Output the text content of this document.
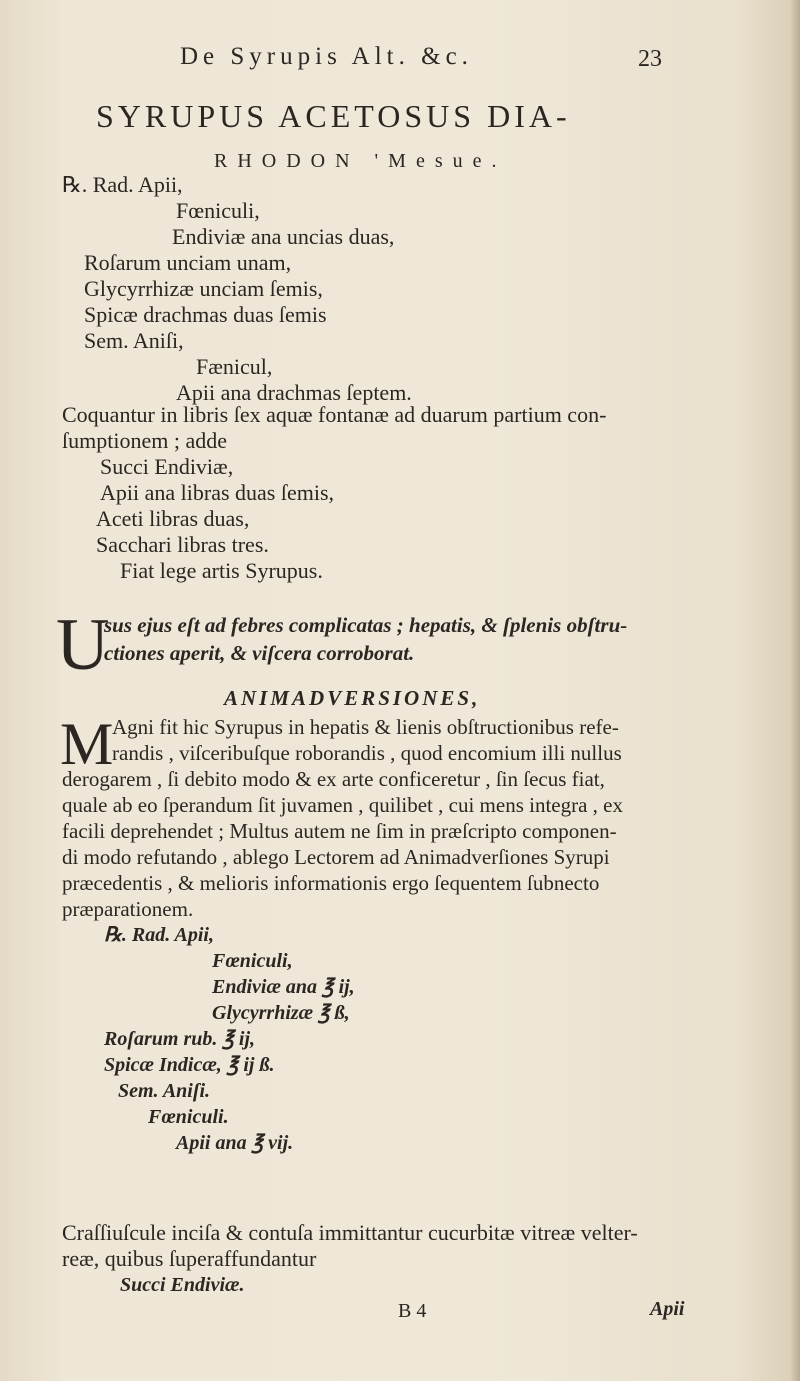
De Syrupis Alt. &c.	23
SYRUPUS ACETOSUS DIA-
RHODON 'Mesue.
℞. Rad. Apii,
Fœniculi,
Endiviæ ana uncias duas,
Roſarum unciam unam,
Glycyrrhizæ unciam ſemis,
Spicæ drachmas duas ſemis
Sem. Aniſi,
Fænicul,
Apii ana drachmas ſeptem.
Coquantur in libris ſex aquæ fontanæ ad duarum partium con-
ſumptionem ; adde
Succi Endiviæ,
Apii ana libras duas ſemis,
Aceti libras duas,
Sacchari libras tres.
Fiat lege artis Syrupus.
U
sus ejus eſt ad febres complicatas ; hepatis, & ſplenis obſtru-
ctiones aperit, & viſcera corroborat.
ANIMADVERSIONES,
M
Agni fit hic Syrupus in hepatis & lienis obſtructionibus refe-
randis , viſceribuſque roborandis , quod encomium illi nullus
derogarem , ſi debito modo & ex arte conficeretur , ſin ſecus fiat,
quale ab eo ſperandum ſit juvamen , quilibet , cui mens integra , ex
facili deprehendet ; Multus autem ne ſim in præſcripto componen-
di modo refutando , ablego Lectorem ad Animadverſiones Syrupi
præcedentis , & melioris informationis ergo ſequentem ſubnecto
præparationem.
℞. Rad. Apii,
Fœniculi,
Endiviæ ana ℥ ij,
Glycyrrhizæ ℥ ß,
Roſarum rub. ℥ ij,
Spicæ Indicæ, ℥ ij ß.
Sem. Aniſi.
Fœniculi.
Apii ana ℥ vij.
Craſſiuſcule inciſa & contuſa immittantur cucurbitæ vitreæ velter-
reæ, quibus ſuperaffundantur
Succi Endiviæ.
B 4	Apii
